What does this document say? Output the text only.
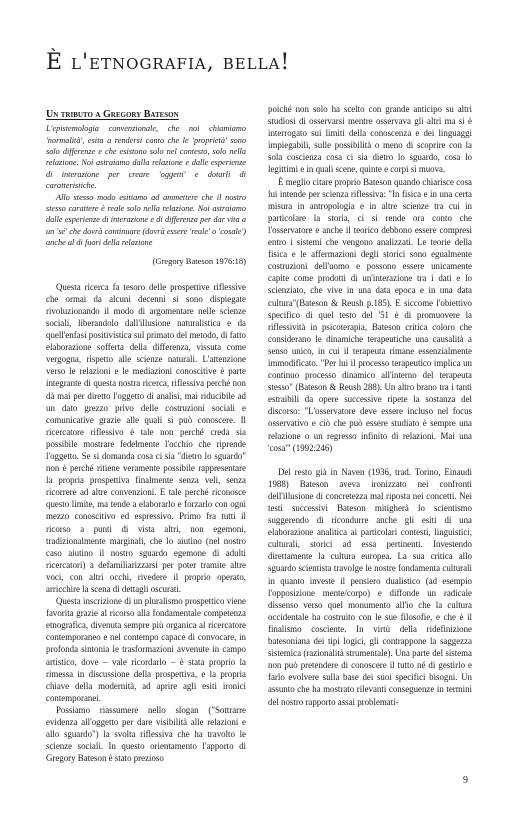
È l'etnografia, bella!
Un tributo a Gregory Bateson

L'epistemologia convenzionale, che noi chiamiamo 'normalità', esita a rendersi conto che le 'proprietà' sono solo differenze e che esistono solo nel contesto, solo nella relazione. Noi astraiamo dalla relazione e dalle esperienze di interazione per creare 'oggetti' e dotarli di caratteristiche.

Allo stesso modo esitiamo ad ammettere che il nostro stesso carattere è reale solo nella relazione. Noi astraiamo dalle esperienze di interazione e di differenza per dar vita a un 'sé' che dovrà continuare (dovrà essere 'reale' o 'cosale') anche al di fuori della relazione

(Gregory Bateson 1976:18)

Questa ricerca fa tesoro delle prospettive riflessive che ormai da alcuni decenni si sono dispiegate rivoluzionando il modo di argomentare nelle scienze sociali, liberandolo dall'illusione naturalistica e da quell'enfasi positivistica sul primato del metodo, di fatto elaborazione sofferta della differenza, vissuta come vergogna, rispetto alle scienze naturali. L'attenzione verso le relazioni e le mediazioni conoscitive è parte integrante di questa nostra ricerca, riflessiva perché non dà mai per diretto l'oggetto di analisi, mai riducibile ad un dato grezzo privo delle costruzioni sociali e comunicative grazie alle quali si può conoscere. Il ricercatore riflessivo è tale non perché creda sia possibile mostrare fedelmente l'occhio che riprende l'oggetto. Se si domanda cosa ci sia "dietro lo sguardo" non è perché ritiene veramente possibile rappresentare la propria prospettiva finalmente senza veli, senza ricorrere ad altre convenzioni. E tale perché riconosce questo limite, ma tende a elaborarlo e forzarlo con ogni mezzo conoscitivo ed espressivo. Primo fra tutti il ricorso a punti di vista altri, non egemoni, tradizionalmente marginali, che lo aiutino (nel nostro caso aiutino il nostro sguardo egemone di adulti ricercatori) a defamiliarizzarsi per poter tramite altre voci, con altri occhi, rivedere il proprio operato, arricchire la scena di dettagli oscurati.

Questa inscrizione di un pluralismo prospettico viene favorita grazie al ricorso alla fondamentale competenza etnografica, divenuta sempre più organica al ricercatore contemporaneo e nel contempo capace di convocare, in profonda sintonia le trasformazioni avvenute in campo artistico, dove – vale ricordarlo – è stata proprio la rimessa in discussione della prospettiva, e la propria chiave della modernità, ad aprire agli esiti ironici contemporanei.

Possiamo riassumere nello slogan ("Sottrarre evidenza all'oggetto per dare visibilità alle relazioni e allo sguardo") la svolta riflessiva che ha travolto le scienze sociali. In questo orientamento l'apporto di Gregory Bateson è stato prezioso

poiché non solo ha scelto con grande anticipo su altri studiosi di osservarsi mentre osservava gli altri ma si è interrogato sui limiti della conoscenza e dei linguaggi impiegabili, sulle possibilità o meno di scoprire con la sola coscienza cosa ci sia dietro lo sguardo, cosa lo legittimi e in quali scene, quinte e corpi si muova.

È meglio citare proprio Bateson quando chiarisce cosa lui intende per scienza riflessiva: "In fisica e in una certa misura in antropologia e in altre scienze tra cui in particolare la storia, ci si rende ora conto che l'osservatore e anche il teorico debbono essere compresi entro i sistemi che vengono analizzati. Le teorie della fisica e le affermazioni degli storici sono egualmente costruzioni dell'uomo e possono essere unicamente capite come prodotti di un'interazione tra i dati e lo scienziato, che vive in una data epoca e in una data cultura"(Bateson & Reush p.185). E siccome l'obiettivo specifico di quel testo del '51 è di promuovere la riflessività in psicoterapia, Bateson critica coloro che considerano le dinamiche terapeutiche una causalità a senso unico, in cui il terapeuta rimane essenzialmente immodificato. "Per lui il processo terapeutico implica un continuo processo dinamico all'interno del terapeuta stesso" (Bateson & Reush 288). Un altro brano tra i tanti estraibili da opere successive ripete la sostanza del discorso: "L'osservatore deve essere incluso nel focus osservativo e ciò che può essere studiato è sempre una relazione o un regresso infinito di relazioni. Mai una 'cosa'" (1992:246)

Del resto già in Naven (1936, trad. Torino, Einaudi 1988) Bateson aveva ironizzato nei confronti dell'illusione di concretezza mal riposta nei concetti. Nei testi successivi Bateson mitigherà lo scientismo suggerendo di ricondurre anche gli esiti di una elaborazione analitica ai particolari contesti, linguistici, culturali, storici ad essa pertinenti. Investendo direttamente la cultura europea. La sua critica allo sguardo scientista travolge le nostre fondamenta culturali in quanto investe il pensiero dualistico (ad esempio l'opposizione mente/corpo) e diffonde un radicale dissenso verso quel monumento all'io che la cultura occidentale ha costruito con le sue filosofie, e che è il finalismo cosciente. In virtù della ridefinizione batesoniana dei tipi logici, gli contrappone la saggezza sistemica (razionalità strumentale). Una parte del sistema non può pretendere di conoscere il tutto né di gestirlo e farlo evolvere sulla base dei suoi specifici bisogni. Un assunto che ha mostrato rilevanti conseguenze in termini del nostro rapporto assai problemati-

9
